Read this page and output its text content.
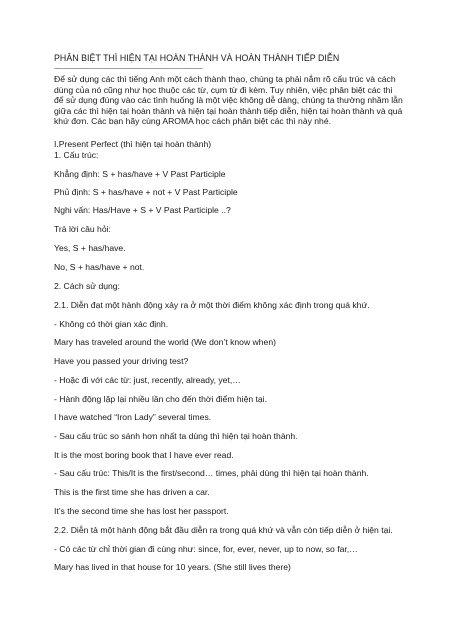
PHÂN BIỆT THÌ HIỆN TẠI HOÀN THÀNH VÀ HOÀN THÀNH TIẾP DIỄN
---------------------------------------------------------------------------------------------
Để sử dụng các thì tiếng Anh một cách thành thạo, chúng ta phải nắm rõ cấu trúc và cách dùng của nó cũng như học thuộc các từ, cụm từ đi kèm. Tuy nhiên, việc phân biệt các thì để sử dụng đúng vào các tình huống là một việc không dễ dàng, chúng ta thường nhầm lẫn giữa các thì hiện tại hoàn thành và hiện tại hoàn thành tiếp diễn, hiện tại hoàn thành và quá khứ đơn. Các bạn hãy cùng AROMA học cách phân biệt các thì này nhé.
I.Present Perfect (thì hiện tại hoàn thành)
1. Cấu trúc:
Khẳng định: S + has/have + V Past Participle
Phủ định: S + has/have + not + V Past Participle
Nghi vấn: Has/Have + S + V Past Participle ..?
Trả lời câu hỏi:
Yes, S + has/have.
No, S + has/have + not.
2. Cách sử dụng:
2.1. Diễn đạt một hành động xảy ra ở một thời điểm không xác định trong quá khứ.
- Không có thời gian xác định.
Mary has traveled around the world (We don’t know when)
Have you passed your driving test?
- Hoặc đi với các từ: just, recently, already, yet,…
- Hành động lặp lại nhiều lần cho đến thời điểm hiện tại.
I have watched “Iron Lady” several times.
- Sau cấu trúc so sánh hơn nhất ta dùng thì hiện tại hoàn thành.
It is the most boring book that I have ever read.
- Sau cấu trúc: This/It is the first/second… times, phải dùng thì hiện tại hoàn thành.
This is the first time she has driven a car.
It’s the second time she has lost her passport.
2.2. Diễn tả một hành động bắt đầu diễn ra trong quá khứ và vẫn còn tiếp diễn ở hiện tại.
- Có các từ chỉ thời gian đi cùng như: since, for, ever, never, up to now, so far,…
Mary has lived in that house for 10 years. (She still lives there)
